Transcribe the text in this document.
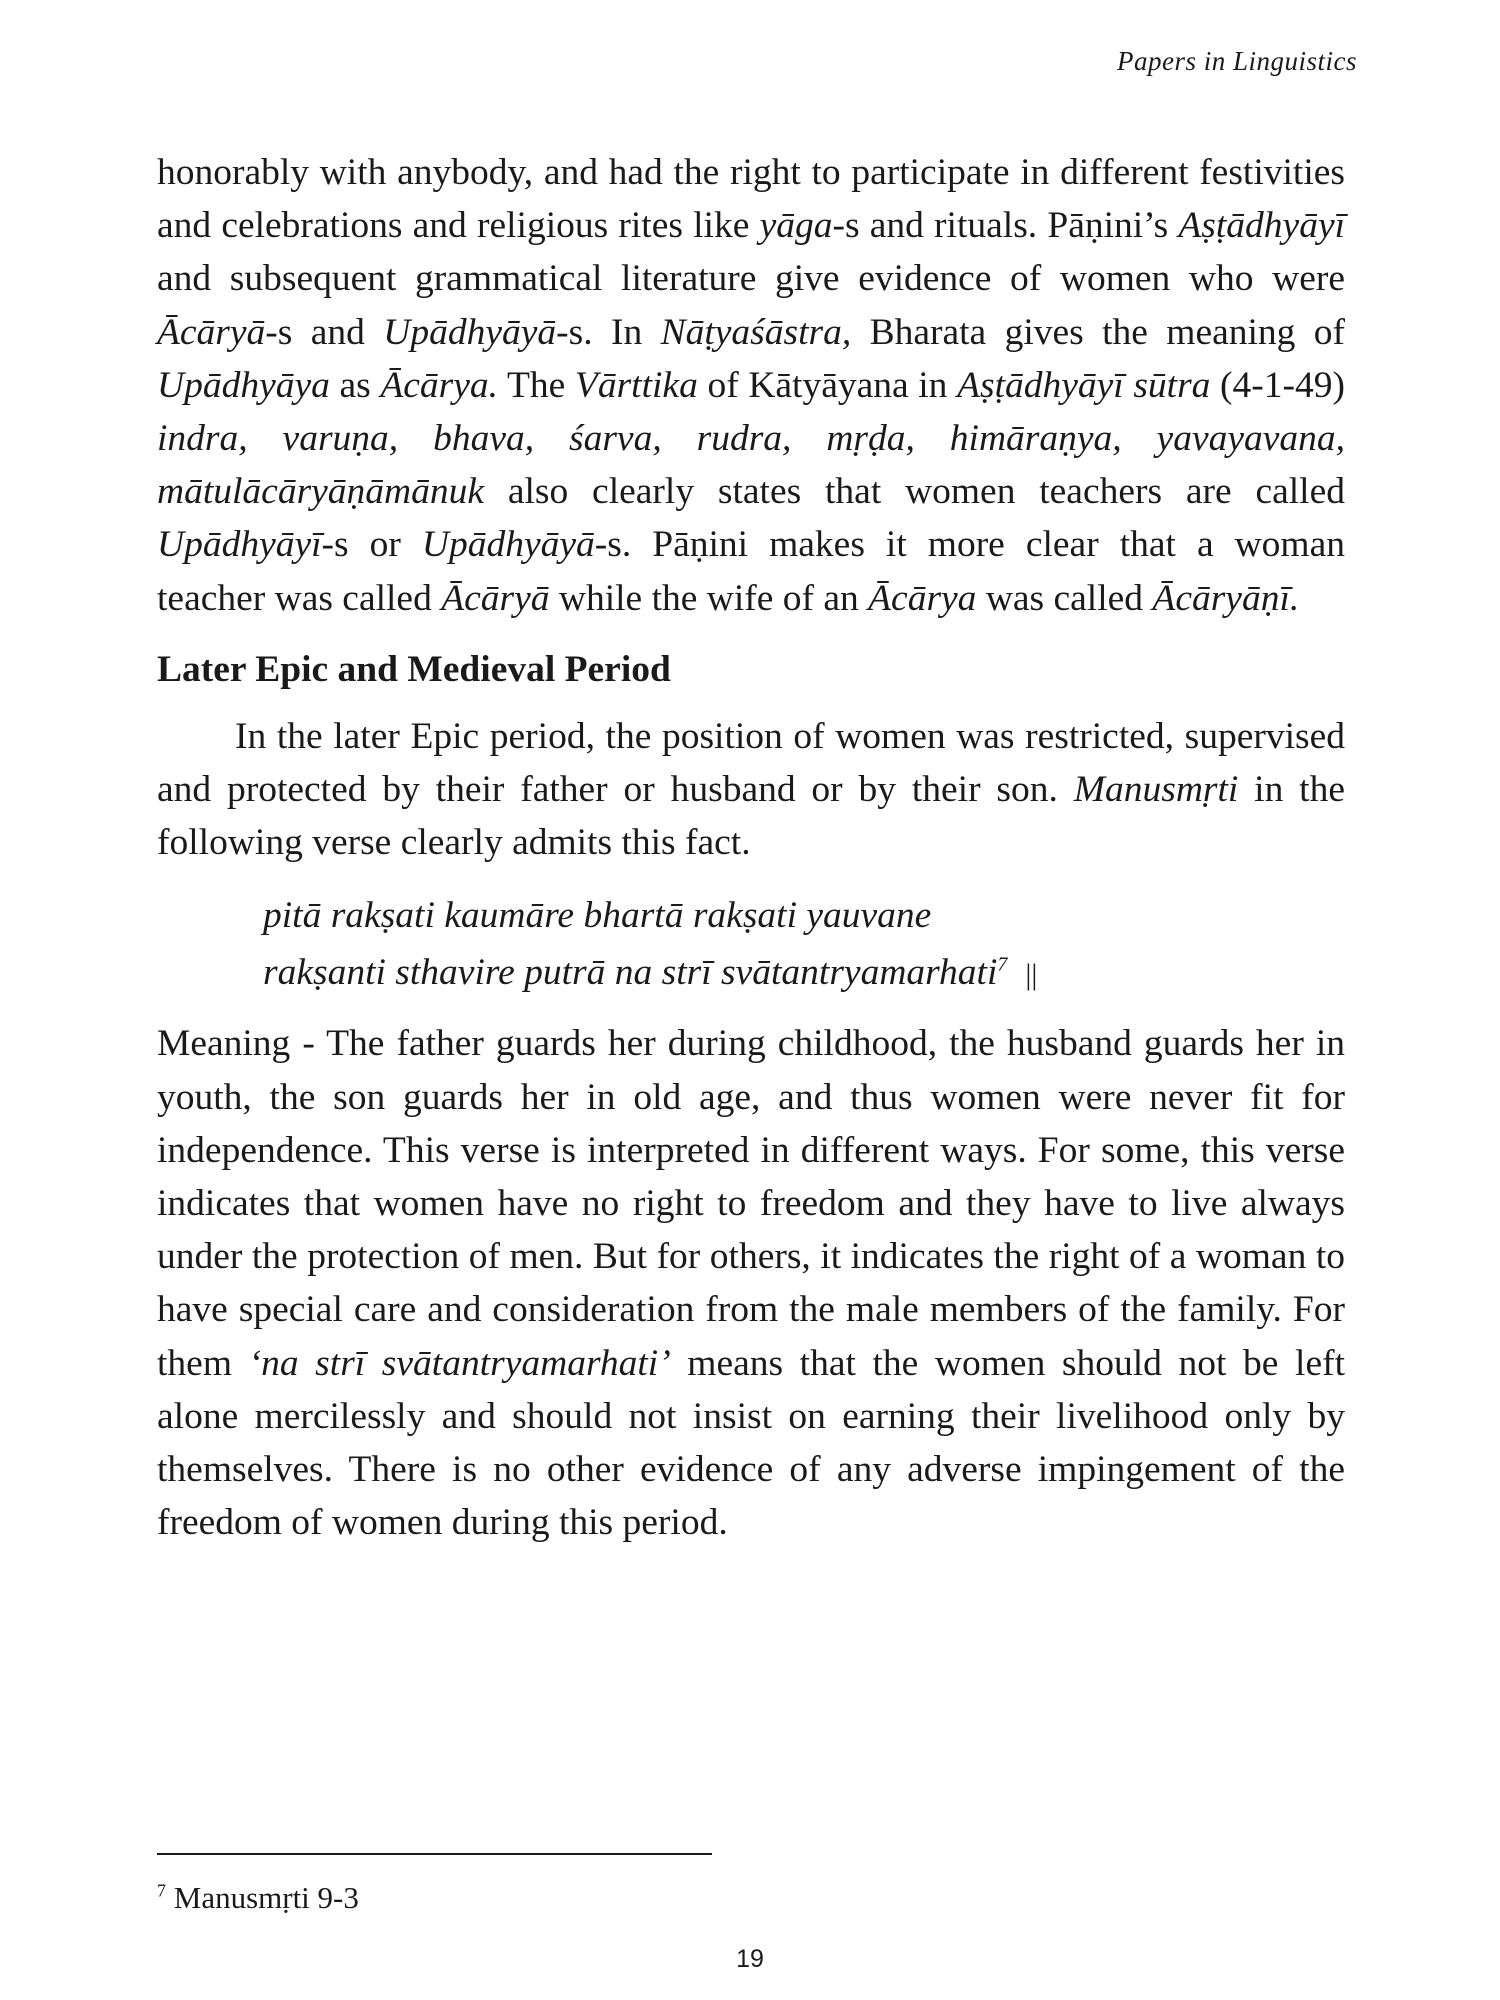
Papers in Linguistics

honorably with anybody, and had the right to participate in different festivities and celebrations and religious rites like yāga-s and rituals. Pāṇini’s Aṣṭādhyāyī and subsequent grammatical literature give evidence of women who were Ācāryā-s and Upādhyāyā-s. In Nāṭyaśāstra, Bharata gives the meaning of Upādhyāya as Ācārya. The Vārttika of Kātyāyana in Aṣṭādhyāyī sūtra (4-1-49) indra, varuṇa, bhava, śarva, rudra, mṛḍa, himāraṇya, yavayavana, mātulācāryāṇāmānuk also clearly states that women teachers are called Upādhyāyī-s or Upādhyāyā-s. Pāṇini makes it more clear that a woman teacher was called Ācāryā while the wife of an Ācārya was called Ācāryāṇī.

Later Epic and Medieval Period

In the later Epic period, the position of women was restricted, supervised and protected by their father or husband or by their son. Manusmṛti in the following verse clearly admits this fact.

pitā rakṣati kaumāre bhartā rakṣati yauvane
rakṣanti sthavire putrā na strī svātantryamarhati$^7$ ||

Meaning - The father guards her during childhood, the husband guards her in youth, the son guards her in old age, and thus women were never fit for independence. This verse is interpreted in different ways. For some, this verse indicates that women have no right to freedom and they have to live always under the protection of men. But for others, it indicates the right of a woman to have special care and consideration from the male members of the family. For them ‘na strī svātantryamarhati’ means that the women should not be left alone mercilessly and should not insist on earning their livelihood only by themselves. There is no other evidence of any adverse impingement of the freedom of women during this period.

$^7$ Manusmṛti 9-3
19
